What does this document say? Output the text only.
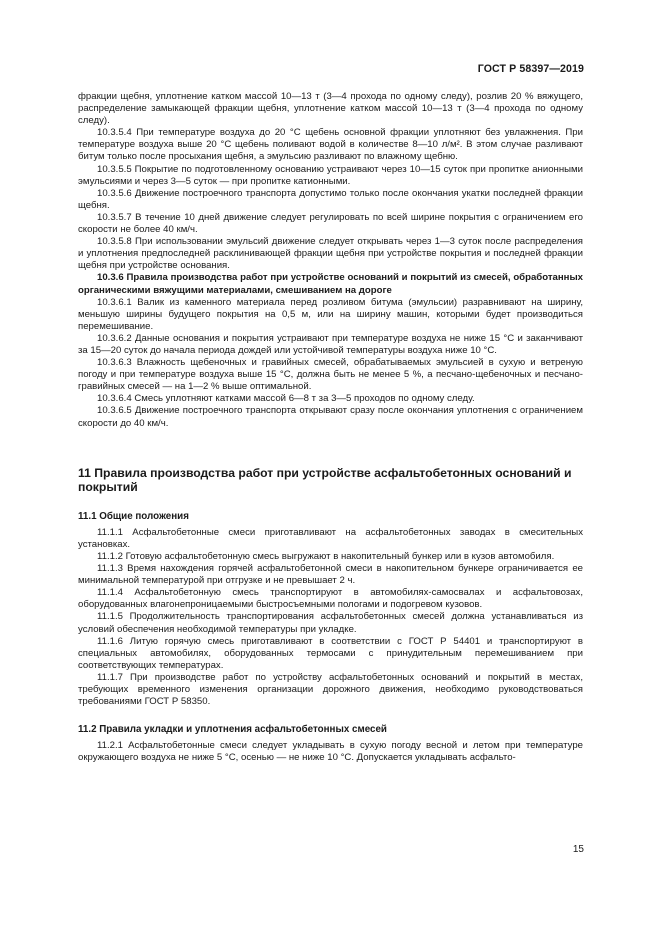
ГОСТ Р 58397—2019

фракции щебня, уплотнение катком массой 10—13 т (3—4 прохода по одному следу), розлив 20 % вяжущего, распределение замыкающей фракции щебня, уплотнение катком массой 10—13 т (3—4 прохода по одному следу).

10.3.5.4 При температуре воздуха до 20 °С щебень основной фракции уплотняют без увлажнения. При температуре воздуха выше 20 °С щебень поливают водой в количестве 8—10 л/м². В этом случае разливают битум только после просыхания щебня, а эмульсию разливают по влажному щебню.

10.3.5.5 Покрытие по подготовленному основанию устраивают через 10—15 суток при пропитке анионными эмульсиями и через 3—5 суток — при пропитке катионными.

10.3.5.6 Движение построечного транспорта допустимо только после окончания укатки последней фракции щебня.

10.3.5.7 В течение 10 дней движение следует регулировать по всей ширине покрытия с ограничением его скорости не более 40 км/ч.

10.3.5.8 При использовании эмульсий движение следует открывать через 1—3 суток после распределения и уплотнения предпоследней расклинивающей фракции щебня при устройстве покрытия и последней фракции щебня при устройстве основания.

10.3.6 Правила производства работ при устройстве оснований и покрытий из смесей, обработанных органическими вяжущими материалами, смешиванием на дороге

10.3.6.1 Валик из каменного материала перед розливом битума (эмульсии) разравнивают на ширину, меньшую ширины будущего покрытия на 0,5 м, или на ширину машин, которыми будет производиться перемешивание.

10.3.6.2 Данные основания и покрытия устраивают при температуре воздуха не ниже 15 °С и заканчивают за 15—20 суток до начала периода дождей или устойчивой температуры воздуха ниже 10 °С.

10.3.6.3 Влажность щебеночных и гравийных смесей, обрабатываемых эмульсией в сухую и ветреную погоду и при температуре воздуха выше 15 °С, должна быть не менее 5 %, а песчано-щебеночных и песчано-гравийных смесей — на 1—2 % выше оптимальной.

10.3.6.4 Смесь уплотняют катками массой 6—8 т за 3—5 проходов по одному следу.

10.3.6.5 Движение построечного транспорта открывают сразу после окончания уплотнения с ограничением скорости до 40 км/ч.

11 Правила производства работ при устройстве асфальтобетонных оснований и покрытий
11.1 Общие положения

11.1.1 Асфальтобетонные смеси приготавливают на асфальтобетонных заводах в смесительных установках.

11.1.2 Готовую асфальтобетонную смесь выгружают в накопительный бункер или в кузов автомобиля.

11.1.3 Время нахождения горячей асфальтобетонной смеси в накопительном бункере ограничивается ее минимальной температурой при отгрузке и не превышает 2 ч.

11.1.4 Асфальтобетонную смесь транспортируют в автомобилях-самосвалах и асфальтовозах, оборудованных влагонепроницаемыми быстросъемными пологами и подогревом кузовов.

11.1.5 Продолжительность транспортирования асфальтобетонных смесей должна устанавливаться из условий обеспечения необходимой температуры при укладке.

11.1.6 Литую горячую смесь приготавливают в соответствии с ГОСТ Р 54401 и транспортируют в специальных автомобилях, оборудованных термосами с принудительным перемешиванием при соответствующих температурах.

11.1.7 При производстве работ по устройству асфальтобетонных оснований и покрытий в местах, требующих временного изменения организации дорожного движения, необходимо руководствоваться требованиями ГОСТ Р 58350.

11.2 Правила укладки и уплотнения асфальтобетонных смесей

11.2.1 Асфальтобетонные смеси следует укладывать в сухую погоду весной и летом при температуре окружающего воздуха не ниже 5 °С, осенью — не ниже 10 °С. Допускается укладывать асфальто-

15
